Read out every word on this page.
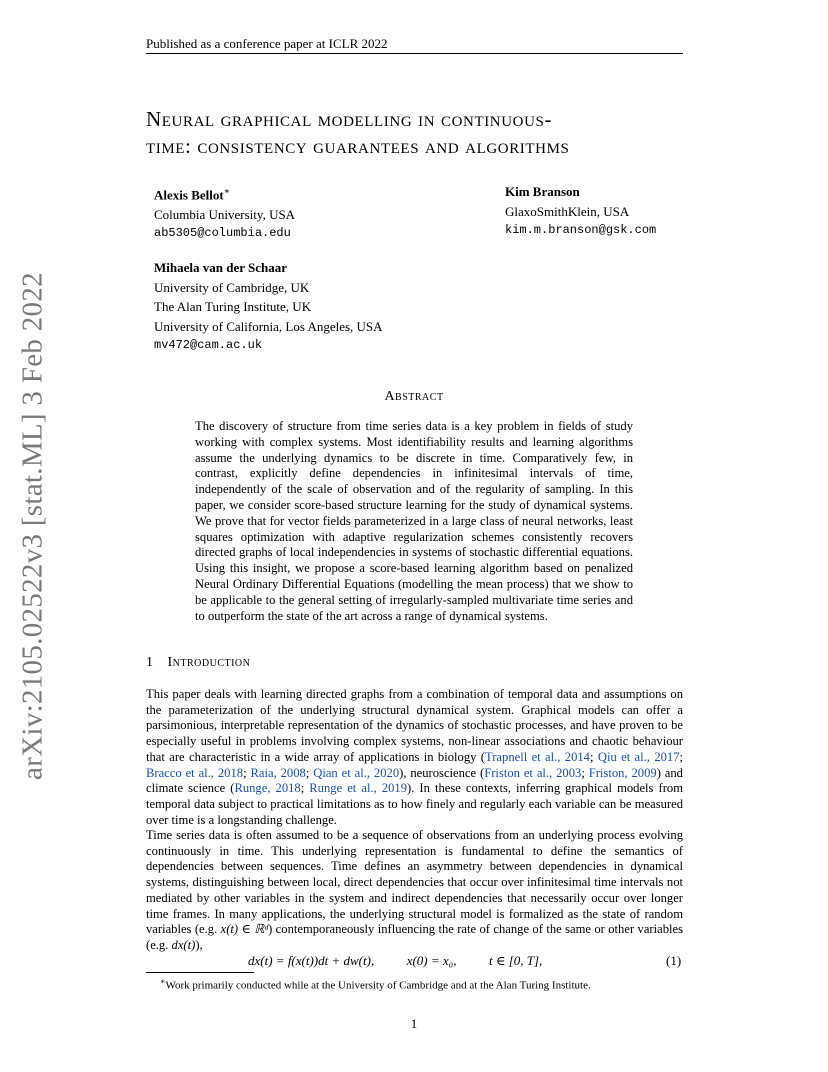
Published as a conference paper at ICLR 2022
arXiv:2105.02522v3 [stat.ML] 3 Feb 2022
Neural graphical modelling in continuous-
time: consistency guarantees and algorithms
Alexis Bellot∗
Columbia University, USA
ab5305@columbia.edu
Kim Branson
GlaxoSmithKlein, USA
kim.m.branson@gsk.com
Mihaela van der Schaar
University of Cambridge, UK
The Alan Turing Institute, UK
University of California, Los Angeles, USA
mv472@cam.ac.uk
Abstract
The discovery of structure from time series data is a key problem in fields of study working with complex systems. Most identifiability results and learning algorithms assume the underlying dynamics to be discrete in time. Comparatively few, in contrast, explicitly define dependencies in infinitesimal intervals of time, independently of the scale of observation and of the regularity of sampling. In this paper, we consider score-based structure learning for the study of dynamical systems. We prove that for vector fields parameterized in a large class of neural networks, least squares optimization with adaptive regularization schemes consistently recovers directed graphs of local independencies in systems of stochastic differential equations. Using this insight, we propose a score-based learning algorithm based on penalized Neural Ordinary Differential Equations (modelling the mean process) that we show to be applicable to the general setting of irregularly-sampled multivariate time series and to outperform the state of the art across a range of dynamical systems.
1 Introduction
This paper deals with learning directed graphs from a combination of temporal data and assumptions on the parameterization of the underlying structural dynamical system. Graphical models can offer a parsimonious, interpretable representation of the dynamics of stochastic processes, and have proven to be especially useful in problems involving complex systems, non-linear associations and chaotic behaviour that are characteristic in a wide array of applications in biology (Trapnell et al., 2014; Qiu et al., 2017; Bracco et al., 2018; Raia, 2008; Qian et al., 2020), neuroscience (Friston et al., 2003; Friston, 2009) and climate science (Runge, 2018; Runge et al., 2019). In these contexts, inferring graphical models from temporal data subject to practical limitations as to how finely and regularly each variable can be measured over time is a longstanding challenge.
Time series data is often assumed to be a sequence of observations from an underlying process evolving continuously in time. This underlying representation is fundamental to define the semantics of dependencies between sequences. Time defines an asymmetry between dependencies in dynamical systems, distinguishing between local, direct dependencies that occur over infinitesimal time intervals not mediated by other variables in the system and indirect dependencies that necessarily occur over longer time frames. In many applications, the underlying structural model is formalized as the state of random variables (e.g. x(t) ∈ ℝᵈ) contemporaneously influencing the rate of change of the same or other variables (e.g. dx(t)),
dx(t) = f(x(t))dt + dw(t),	x(0) = x₀,	t ∈ [0, T],	(1)
∗Work primarily conducted while at the University of Cambridge and at the Alan Turing Institute.
1
